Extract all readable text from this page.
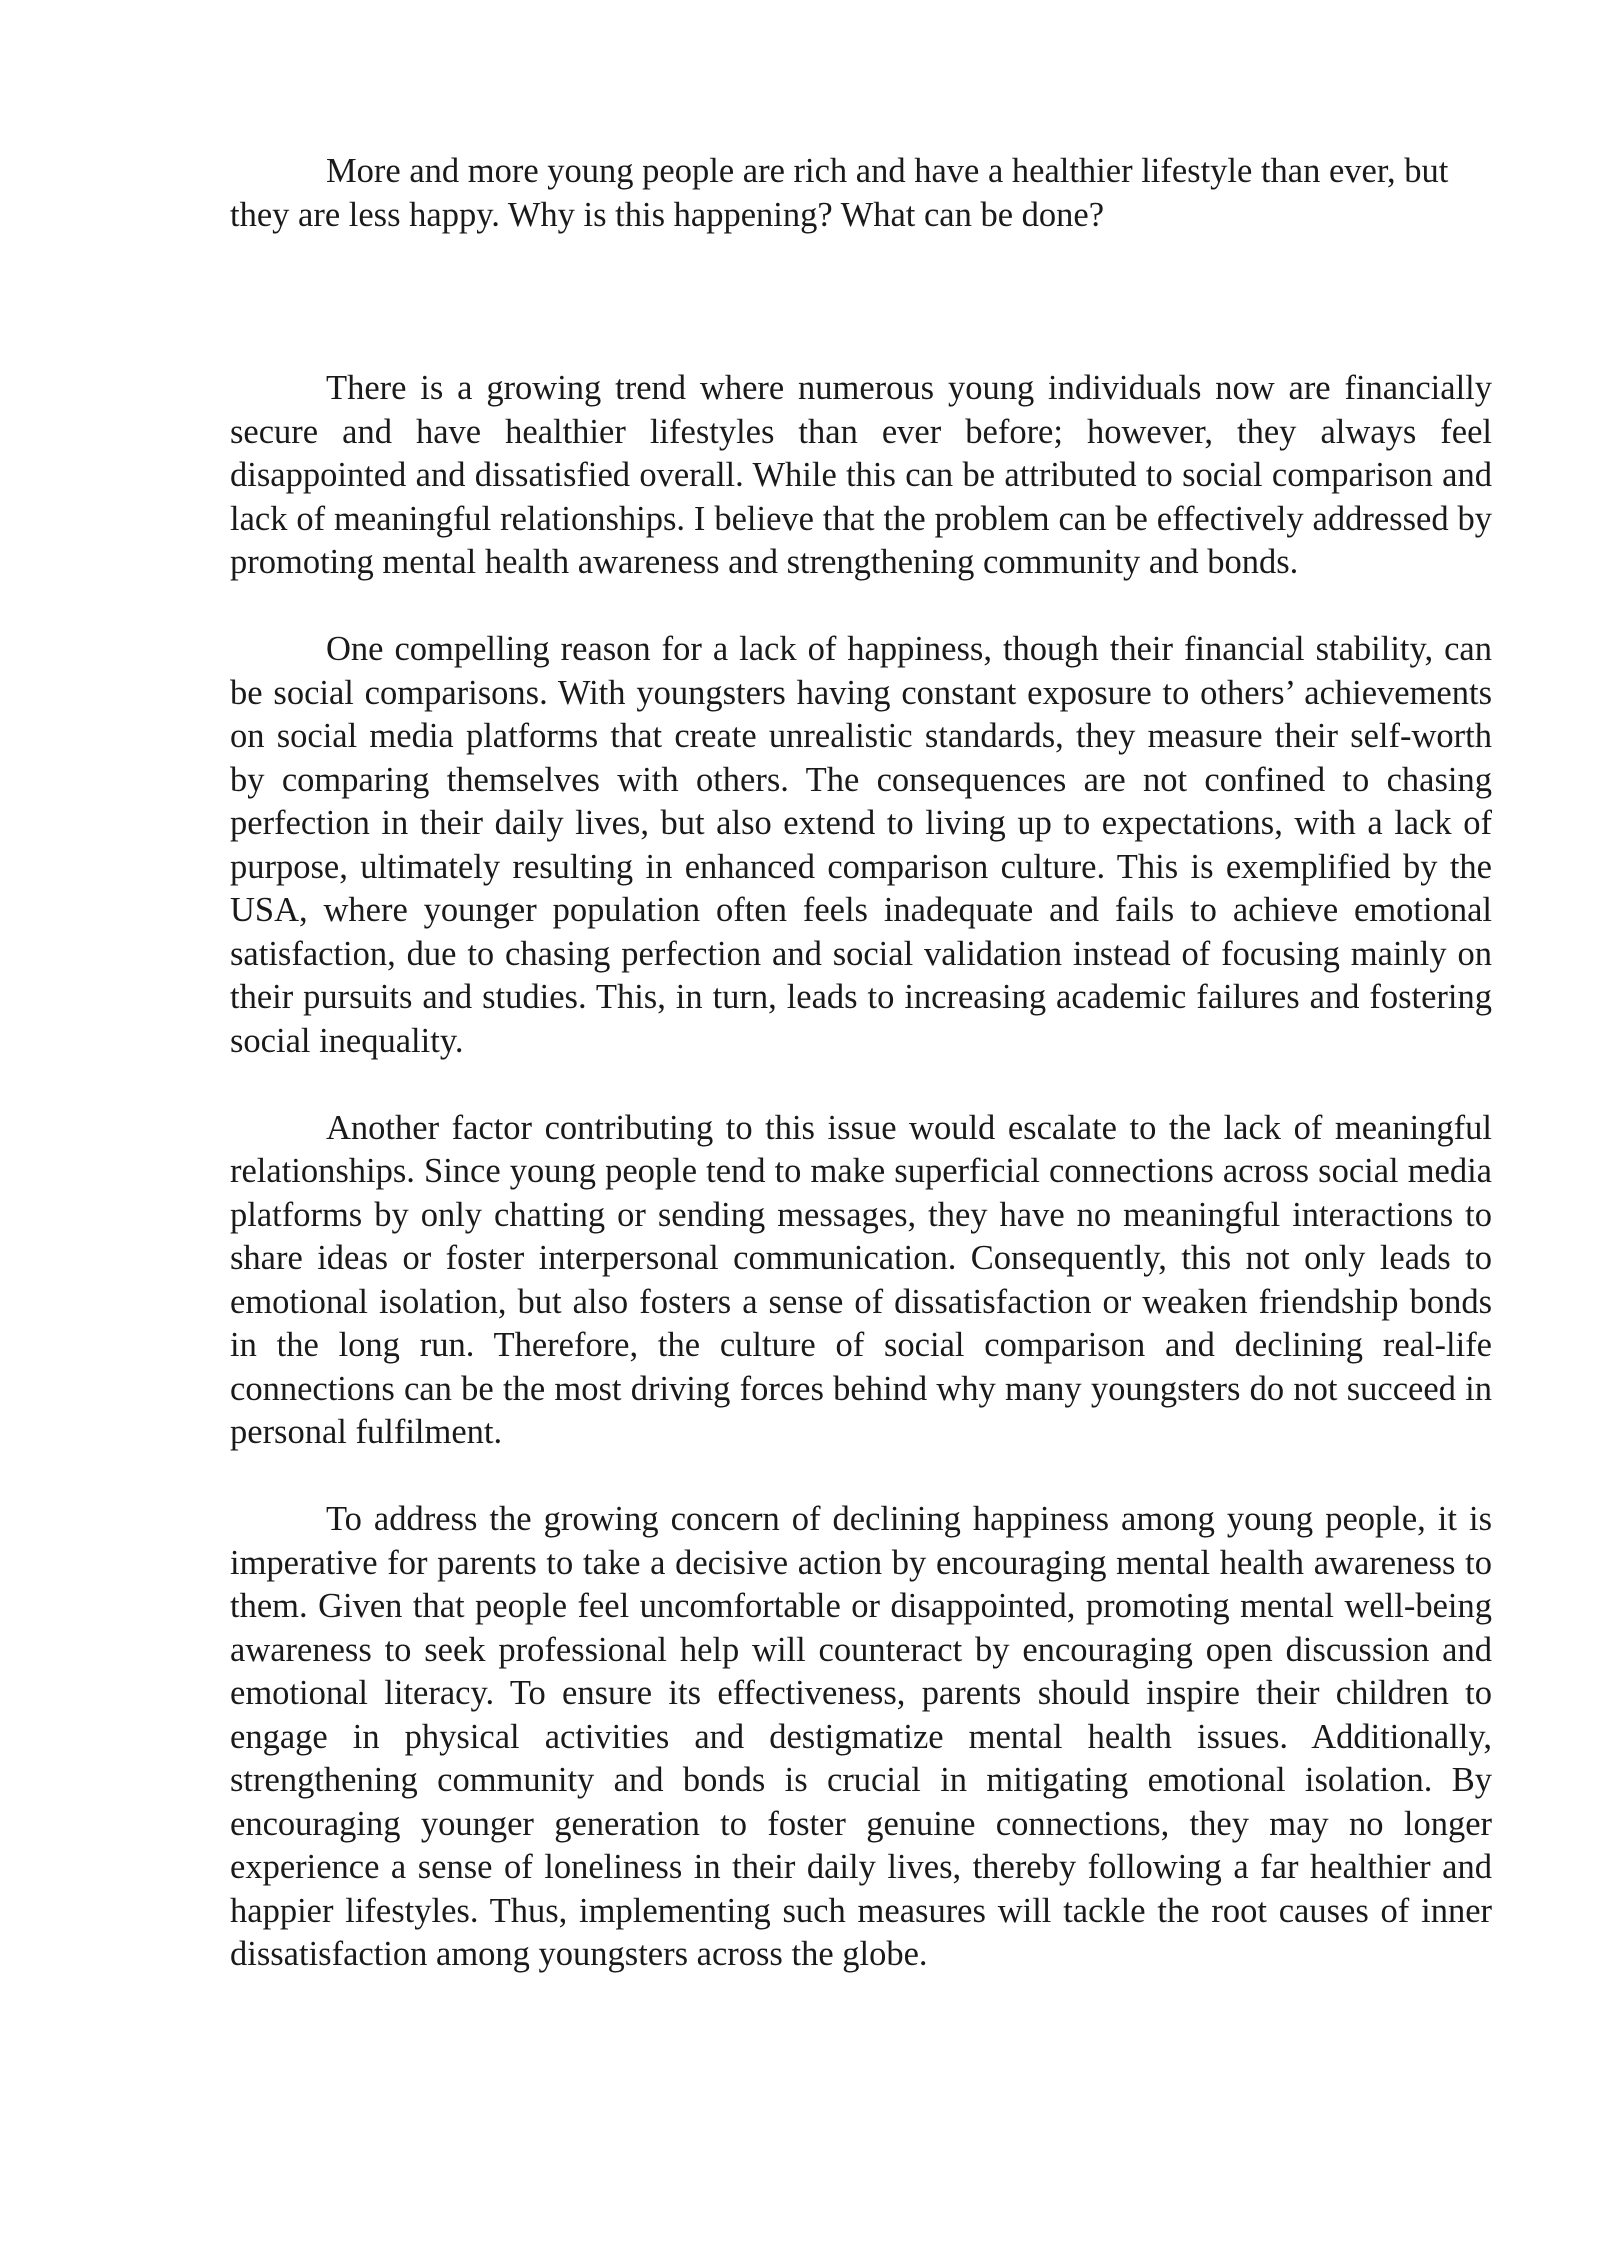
More and more young people are rich and have a healthier lifestyle than ever, but they are less happy. Why is this happening? What can be done?

There is a growing trend where numerous young individuals now are financially secure and have healthier lifestyles than ever before; however, they always feel disappointed and dissatisfied overall. While this can be attributed to social comparison and lack of meaningful relationships. I believe that the problem can be effectively addressed by promoting mental health awareness and strengthening community and bonds.

One compelling reason for a lack of happiness, though their financial stability, can be social comparisons. With youngsters having constant exposure to others’ achievements on social media platforms that create unrealistic standards, they measure their self-worth by comparing themselves with others. The consequences are not confined to chasing perfection in their daily lives, but also extend to living up to expectations, with a lack of purpose, ultimately resulting in enhanced comparison culture. This is exemplified by the USA, where younger population often feels inadequate and fails to achieve emotional satisfaction, due to chasing perfection and social validation instead of focusing mainly on their pursuits and studies. This, in turn, leads to increasing academic failures and fostering social inequality.

Another factor contributing to this issue would escalate to the lack of meaningful relationships. Since young people tend to make superficial connections across social media platforms by only chatting or sending messages, they have no meaningful interactions to share ideas or foster interpersonal communication. Consequently, this not only leads to emotional isolation, but also fosters a sense of dissatisfaction or weaken friendship bonds in the long run. Therefore, the culture of social comparison and declining real-life connections can be the most driving forces behind why many youngsters do not succeed in personal fulfilment.

To address the growing concern of declining happiness among young people, it is imperative for parents to take a decisive action by encouraging mental health awareness to them. Given that people feel uncomfortable or disappointed, promoting mental well-being awareness to seek professional help will counteract by encouraging open discussion and emotional literacy. To ensure its effectiveness, parents should inspire their children to engage in physical activities and destigmatize mental health issues. Additionally, strengthening community and bonds is crucial in mitigating emotional isolation. By encouraging younger generation to foster genuine connections, they may no longer experience a sense of loneliness in their daily lives, thereby following a far healthier and happier lifestyles. Thus, implementing such measures will tackle the root causes of inner dissatisfaction among youngsters across the globe.
